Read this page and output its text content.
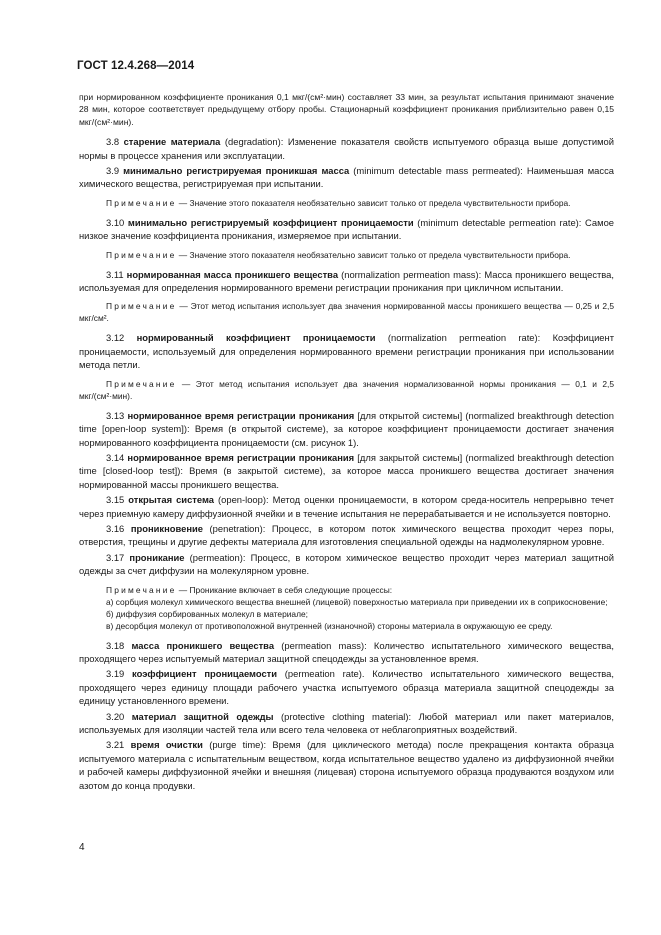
ГОСТ 12.4.268—2014

при нормированном коэффициенте проникания 0,1 мкг/(см²·мин) составляет 33 мин, за результат испытания принимают значение 28 мин, которое соответствует предыдущему отбору пробы. Стационарный коэффициент проникания приблизительно равен 0,15 мкг/(см²·мин).

3.8 старение материала (degradation): Изменение показателя свойств испытуемого образца выше допустимой нормы в процессе хранения или эксплуатации.

3.9 минимально регистрируемая проникшая масса (minimum detectable mass permeated): Наименьшая масса химического вещества, регистрируемая при испытании.

Примечание — Значение этого показателя необязательно зависит только от предела чувствительности прибора.

3.10 минимально регистрируемый коэффициент проницаемости (minimum detectable permeation rate): Самое низкое значение коэффициента проникания, измеряемое при испытании.

Примечание — Значение этого показателя необязательно зависит только от предела чувствительности прибора.

3.11 нормированная масса проникшего вещества (normalization permeation mass): Масса проникшего вещества, используемая для определения нормированного времени регистрации проникания при цикличном испытании.

Примечание — Этот метод испытания использует два значения нормированной массы проникшего вещества — 0,25 и 2,5 мкг/см².

3.12 нормированный коэффициент проницаемости (normalization permeation rate): Коэффициент проницаемости, используемый для определения нормированного времени регистрации проникания при использовании метода петли.

Примечание — Этот метод испытания использует два значения нормализованной нормы проникания — 0,1 и 2,5 мкг/(см²·мин).

3.13 нормированное время регистрации проникания [для открытой системы] (normalized breakthrough detection time [open-loop system]): Время (в открытой системе), за которое коэффициент проницаемости достигает значения нормированного коэффициента проницаемости (см. рисунок 1).

3.14 нормированное время регистрации проникания [для закрытой системы] (normalized breakthrough detection time [closed-loop test]): Время (в закрытой системе), за которое масса проникшего вещества достигает значения нормированной массы проникшего вещества.

3.15 открытая система (open-loop): Метод оценки проницаемости, в котором среда-носитель непрерывно течет через приемную камеру диффузионной ячейки и в течение испытания не перерабатывается и не используется повторно.

3.16 проникновение (penetration): Процесс, в котором поток химического вещества проходит через поры, отверстия, трещины и другие дефекты материала для изготовления специальной одежды на надмолекулярном уровне.

3.17 проникание (permeation): Процесс, в котором химическое вещество проходит через материал защитной одежды за счет диффузии на молекулярном уровне.

Примечание — Проникание включает в себя следующие процессы:

а) сорбция молекул химического вещества внешней (лицевой) поверхностью материала при приведении их в соприкосновение;

б) диффузия сорбированных молекул в материале;

в) десорбция молекул от противоположной внутренней (изнаночной) стороны материала в окружающую ее среду.

3.18 масса проникшего вещества (permeation mass): Количество испытательного химического вещества, проходящего через испытуемый материал защитной спецодежды за установленное время.

3.19 коэффициент проницаемости (permeation rate). Количество испытательного химического вещества, проходящего через единицу площади рабочего участка испытуемого образца материала защитной спецодежды за единицу установленного времени.

3.20 материал защитной одежды (protective clothing material): Любой материал или пакет материалов, используемых для изоляции частей тела или всего тела человека от неблагоприятных воздействий.

3.21 время очистки (purge time): Время (для циклического метода) после прекращения контакта образца испытуемого материала с испытательным веществом, когда испытательное вещество удалено из диффузионной ячейки и рабочей камеры диффузионной ячейки и внешняя (лицевая) сторона испытуемого образца продуваются воздухом или азотом до конца продувки.

4
